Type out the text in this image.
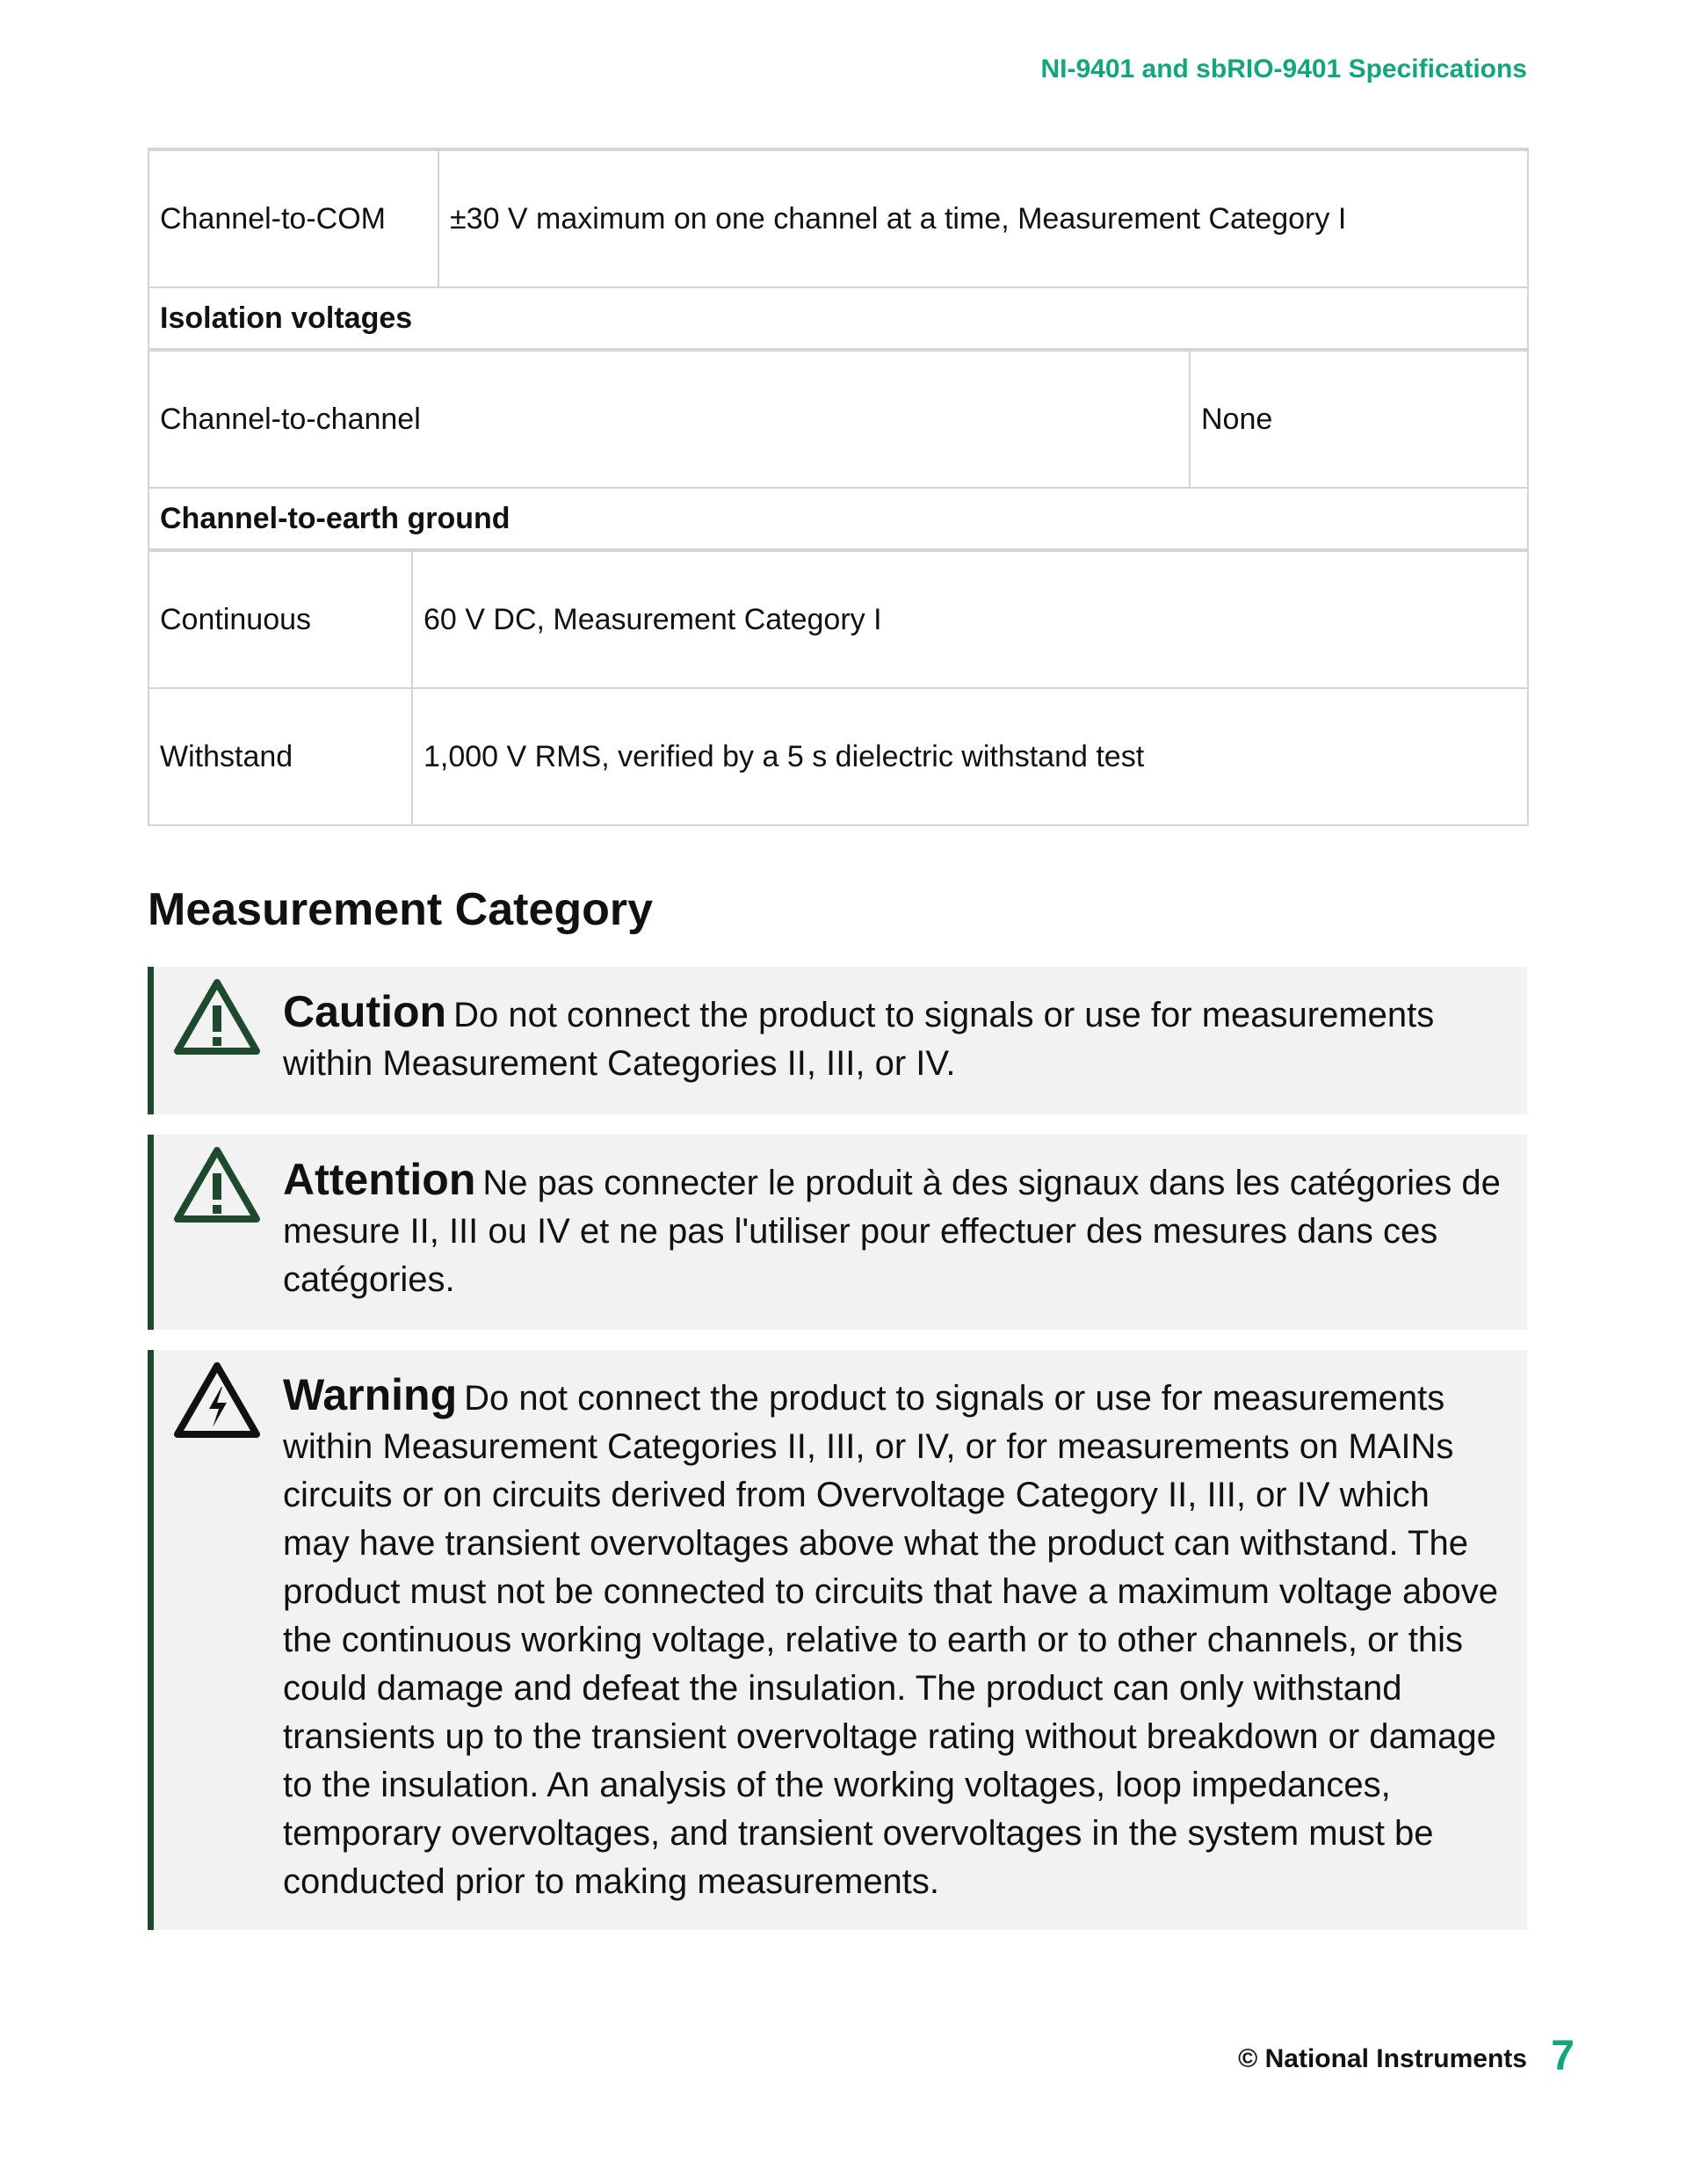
NI-9401 and sbRIO-9401 Specifications
Channel-to-COM		±30 V maximum on one channel at a time, Measurement Category I	
Isolation voltages			
Channel-to-channel			None
Channel-to-earth ground			
Continuous	60 V DC, Measurement Category I		
Withstand	1,000 V RMS, verified by a 5 s dielectric withstand test		
Measurement Category
Caution Do not connect the product to signals or use for measurements within Measurement Categories II, III, or IV.
Attention Ne pas connecter le produit à des signaux dans les catégories de mesure II, III ou IV et ne pas l'utiliser pour effectuer des mesures dans ces catégories.
Warning Do not connect the product to signals or use for measurements within Measurement Categories II, III, or IV, or for measurements on MAINs circuits or on circuits derived from Overvoltage Category II, III, or IV which may have transient overvoltages above what the product can withstand. The product must not be connected to circuits that have a maximum voltage above the continuous working voltage, relative to earth or to other channels, or this could damage and defeat the insulation. The product can only withstand transients up to the transient overvoltage rating without breakdown or damage to the insulation. An analysis of the working voltages, loop impedances, temporary overvoltages, and transient overvoltages in the system must be conducted prior to making measurements.
© National Instruments 7
